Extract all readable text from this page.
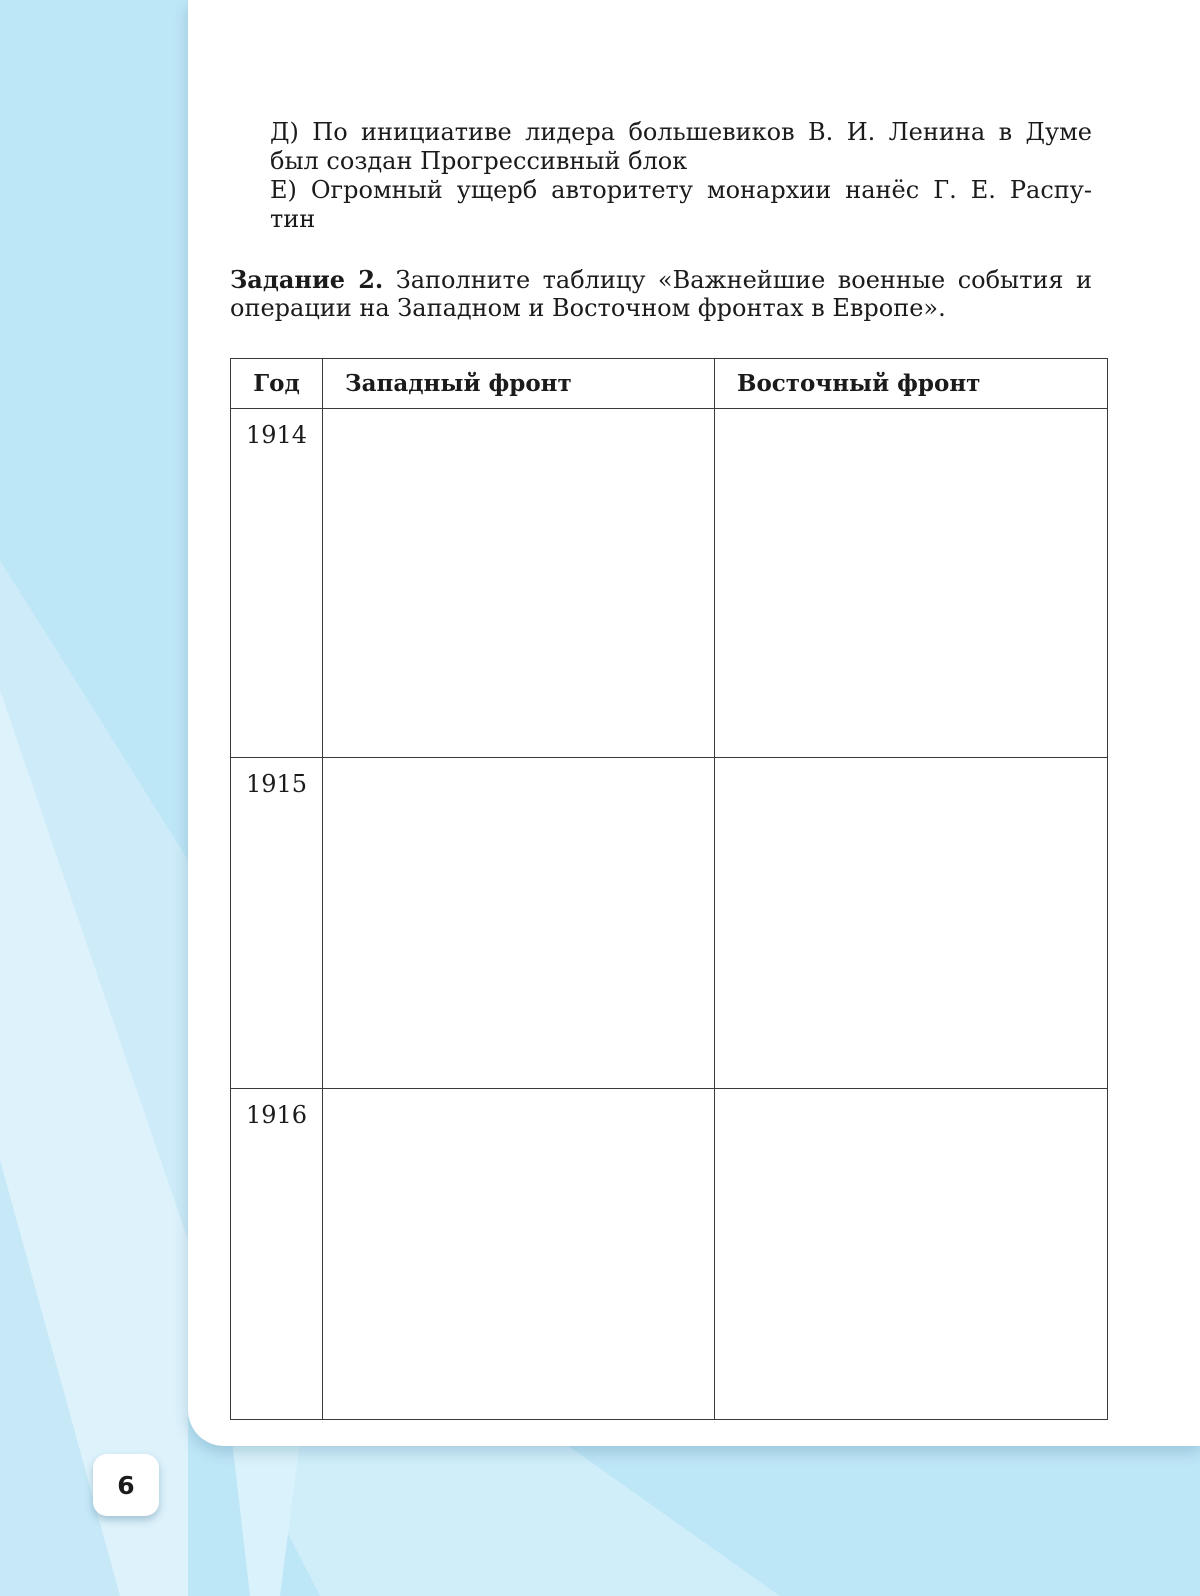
Д) По инициативе лидера большевиков В. И. Ленина в Думе

был создан Прогрессивный блок

Е) Огромный ущерб авторитету монархии нанёс Г. Е. Распу-

тин

Задание 2. Заполните таблицу «Важнейшие военные события и

операции на Западном и Восточном фронтах в Европе».

Год	Западный фронт	Восточный фронт
1914		
1915		
1916		
6
